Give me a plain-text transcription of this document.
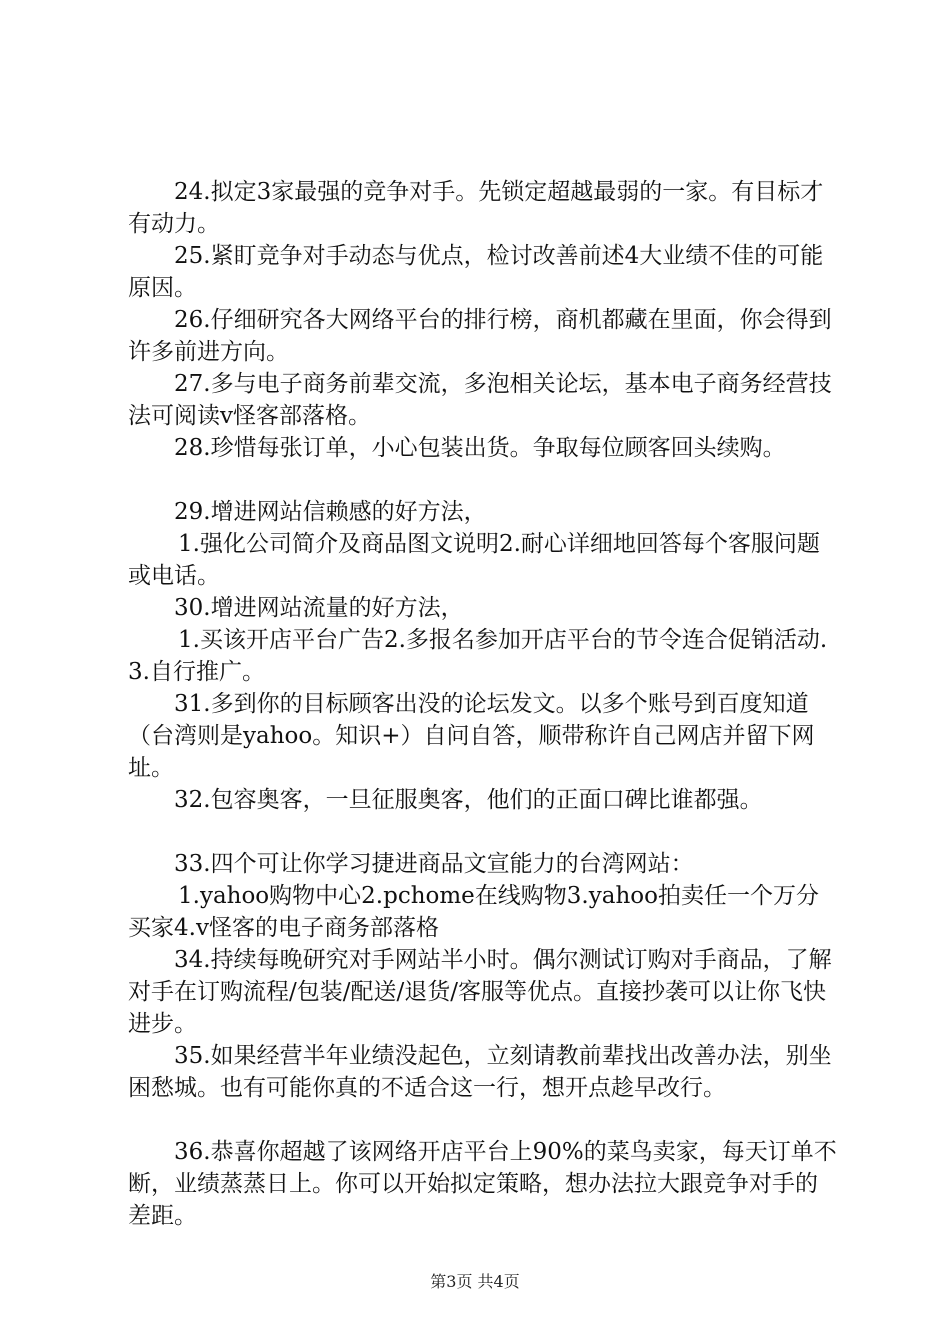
24.拟定3家最强的竞争对手。先锁定超越最弱的一家。有目标才有动力。

25.紧盯竞争对手动态与优点，检讨改善前述4大业绩不佳的可能原因。

26.仔细研究各大网络平台的排行榜，商机都藏在里面，你会得到许多前进方向。

27.多与电子商务前辈交流，多泡相关论坛，基本电子商务经营技法可阅读v怪客部落格。

28.珍惜每张订单，小心包装出货。争取每位顾客回头续购。

29.增进网站信赖感的好方法，

1.强化公司简介及商品图文说明2.耐心详细地回答每个客服问题或电话。

30.增进网站流量的好方法，

1.买该开店平台广告2.多报名参加开店平台的节令连合促销活动.3.自行推广。

31.多到你的目标顾客出没的论坛发文。以多个账号到百度知道（台湾则是yahoo。知识+）自问自答，顺带称许自己网店并留下网址。

32.包容奥客，一旦征服奥客，他们的正面口碑比谁都强。

33.四个可让你学习捷进商品文宣能力的台湾网站：

1.yahoo购物中心2.pchome在线购物3.yahoo拍卖任一个万分买家4.v怪客的电子商务部落格

34.持续每晚研究对手网站半小时。偶尔测试订购对手商品，了解对手在订购流程/包装/配送/退货/客服等优点。直接抄袭可以让你飞快进步。

35.如果经营半年业绩没起色，立刻请教前辈找出改善办法，别坐困愁城。也有可能你真的不适合这一行，想开点趁早改行。

36.恭喜你超越了该网络开店平台上90%的菜鸟卖家，每天订单不断，业绩蒸蒸日上。你可以开始拟定策略，想办法拉大跟竞争对手的差距。

第3页 共4页
